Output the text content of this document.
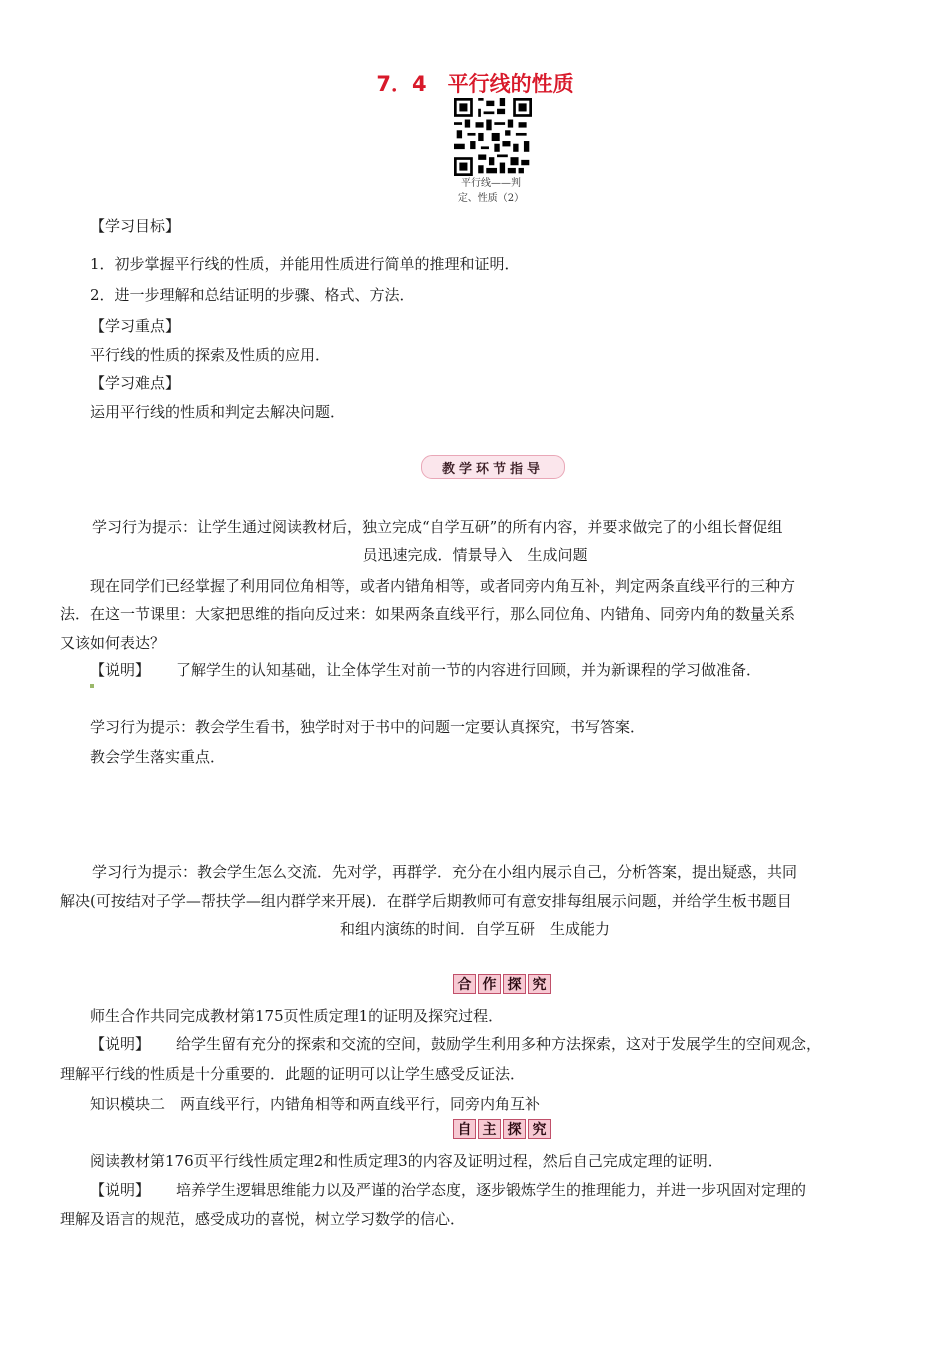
7．4　平行线的性质
平行线——判
定、性质（2）
【学习目标】
1．初步掌握平行线的性质，并能用性质进行简单的推理和证明．
2．进一步理解和总结证明的步骤、格式、方法．
【学习重点】
平行线的性质的探索及性质的应用．
【学习难点】
运用平行线的性质和判定去解决问题．
教学环节指导
学习行为提示：让学生通过阅读教材后，独立完成“自学互研”的所有内容，并要求做完了的小组长督促组
员迅速完成．情景导入　生成问题
现在同学们已经掌握了利用同位角相等，或者内错角相等，或者同旁内角互补，判定两条直线平行的三种方
法．在这一节课里：大家把思维的指向反过来：如果两条直线平行，那么同位角、内错角、同旁内角的数量关系
又该如何表达？
【说明】 了解学生的认知基础，让全体学生对前一节的内容进行回顾，并为新课程的学习做准备．
学习行为提示：教会学生看书，独学时对于书中的问题一定要认真探究，书写答案．
教会学生落实重点．
学习行为提示：教会学生怎么交流．先对学，再群学．充分在小组内展示自己，分析答案，提出疑惑，共同
解决(可按结对子学—帮扶学—组内群学来开展)．在群学后期教师可有意安排每组展示问题，并给学生板书题目
和组内演练的时间．自学互研　生成能力
合 作 探 究
师生合作共同完成教材第175页性质定理1的证明及探究过程．
【说明】 给学生留有充分的探索和交流的空间，鼓励学生利用多种方法探索，这对于发展学生的空间观念，
理解平行线的性质是十分重要的．此题的证明可以让学生感受反证法．
知识模块二　两直线平行，内错角相等和两直线平行，同旁内角互补
自 主 探 究
阅读教材第176页平行线性质定理2和性质定理3的内容及证明过程，然后自己完成定理的证明．
【说明】 培养学生逻辑思维能力以及严谨的治学态度，逐步锻炼学生的推理能力，并进一步巩固对定理的
理解及语言的规范，感受成功的喜悦，树立学习数学的信心．
